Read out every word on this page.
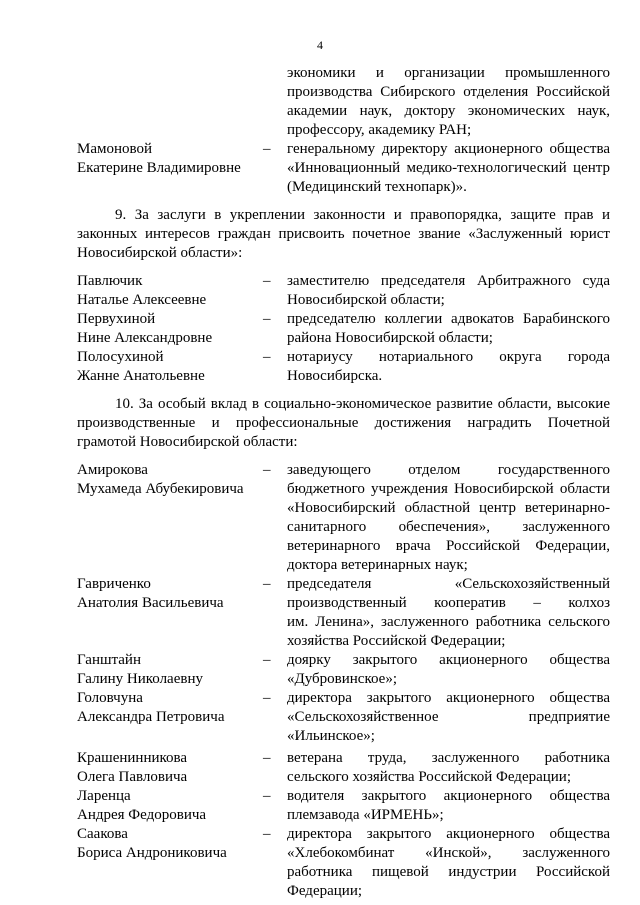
4
экономики и организации промышленного
производства Сибирского отделения Российской
академии наук, доктору экономических наук,
профессору, академику РАН;
Мамоновой
Екатерине Владимировне
–	генеральному директору акционерного общества
«Инновационный медико-технологический центр
(Медицинский технопарк)».
9. За заслуги в укреплении законности и правопорядка, защите прав и
законных интересов граждан присвоить почетное звание «Заслуженный юрист
Новосибирской области»:
Павлючик
Наталье Алексеевне
–	заместителю председателя Арбитражного суда
Новосибирской области;
Первухиной
Нине Александровне
–	председателю коллегии адвокатов Барабинского
района Новосибирской области;
Полосухиной
Жанне Анатольевне
–	нотариусу нотариального округа города
Новосибирска.
10. За особый вклад в социально-экономическое развитие области, высокие
производственные и профессиональные достижения наградить Почетной
грамотой Новосибирской области:
Амирокова
Мухамеда Абубекировича
–	заведующего отделом государственного
бюджетного учреждения Новосибирской области
«Новосибирский областной центр ветеринарно-
санитарного обеспечения», заслуженного
ветеринарного врача Российской Федерации,
доктора ветеринарных наук;
Гавриченко
Анатолия Васильевича
–	председателя «Сельскохозяйственный
производственный кооператив – колхоз
им. Ленина», заслуженного работника сельского
хозяйства Российской Федерации;
Ганштайн
Галину Николаевну
–	доярку закрытого акционерного общества
«Дубровинское»;
Головчуна
Александра Петровича
–	директора закрытого акционерного общества
«Сельскохозяйственное предприятие
«Ильинское»;
Крашенинникова
Олега Павловича
–	ветерана труда, заслуженного работника
сельского хозяйства Российской Федерации;
Ларенца
Андрея Федоровича
–	водителя закрытого акционерного общества
племзавода «ИРМЕНЬ»;
Саакова
Бориса Андрониковича
–	директора закрытого акционерного общества
«Хлебокомбинат «Инской», заслуженного
работника пищевой индустрии Российской
Федерации;
